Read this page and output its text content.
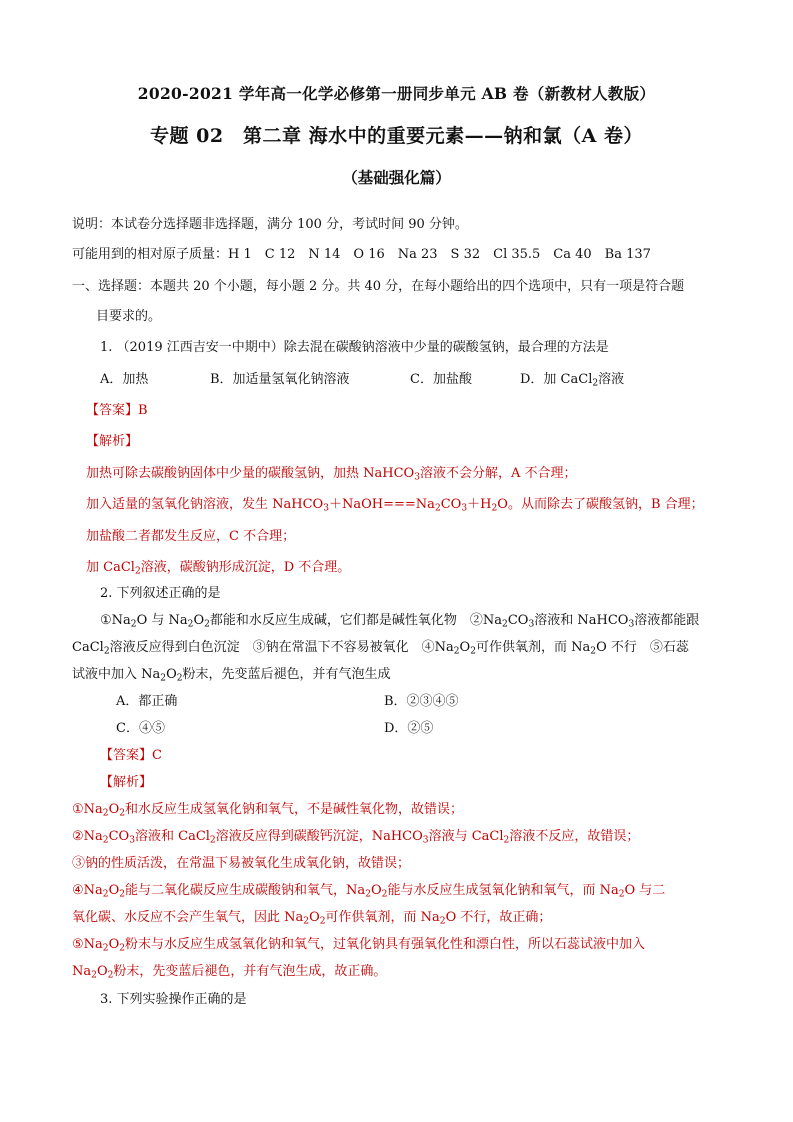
2020-2021 学年高一化学必修第一册同步单元 AB 卷（新教材人教版）
专题 02　第二章 海水中的重要元素——钠和氯（A 卷）
（基础强化篇）
说明：本试卷分选择题非选择题，满分 100 分，考试时间 90 分钟。
可能用到的相对原子质量：H 1　C 12　N 14　O 16　Na 23　S 32　Cl 35.5　Ca 40　Ba 137
一、选择题：本题共 20 个小题，每小题 2 分。共 40 分，在每小题给出的四个选项中，只有一项是符合题
目要求的。
1. （2019 江西吉安一中期中）除去混在碳酸钠溶液中少量的碳酸氢钠，最合理的方法是
A．加热	B．加适量氢氧化钠溶液	C．加盐酸	D．加 CaCl$_2$溶液
【答案】B
【解析】
加热可除去碳酸钠固体中少量的碳酸氢钠，加热 NaHCO$_3$溶液不会分解，A 不合理；
加入适量的氢氧化钠溶液，发生 $NaHCO_3+NaOH===Na_2CO_3+H_2O$。从而除去了碳酸氢钠，B 合理；
加盐酸二者都发生反应，C 不合理；
加 CaCl$_2$溶液，碳酸钠形成沉淀，D 不合理。
2. 下列叙述正确的是
$①Na_2O$ 与 $Na_2O_2$都能和水反应生成碱，它们都是碱性氧化物　$②Na_2CO_3$溶液和 NaHCO$_3$溶液都能跟
CaCl$_2$溶液反应得到白色沉淀　③钠在常温下不容易被氧化　$④Na_2O_2$可作供氧剂，而 $Na_2O$ 不行　⑤石蕊
试液中加入 $Na_2O_2$粉末，先变蓝后褪色，并有气泡生成
A．都正确	B．②③④⑤
C．④⑤	D．②⑤
【答案】C
【解析】
$①Na_2O_2$和水反应生成氢氧化钠和氧气，不是碱性氧化物，故错误；
$②Na_2CO_3$溶液和 CaCl$_2$溶液反应得到碳酸钙沉淀，NaHCO$_3$溶液与 CaCl$_2$溶液不反应，故错误；
③钠的性质活泼，在常温下易被氧化生成氧化钠，故错误；
$④Na_2O_2$能与二氧化碳反应生成碳酸钠和氧气，$Na_2O_2$能与水反应生成氢氧化钠和氧气，而 $Na_2O$ 与二
氧化碳、水反应不会产生氧气，因此 $Na_2O_2$可作供氧剂，而 $Na_2O$ 不行，故正确；
$⑤Na_2O_2$粉末与水反应生成氢氧化钠和氧气，过氧化钠具有强氧化性和漂白性，所以石蕊试液中加入
$Na_2O_2$粉末，先变蓝后褪色，并有气泡生成，故正确。
3. 下列实验操作正确的是
